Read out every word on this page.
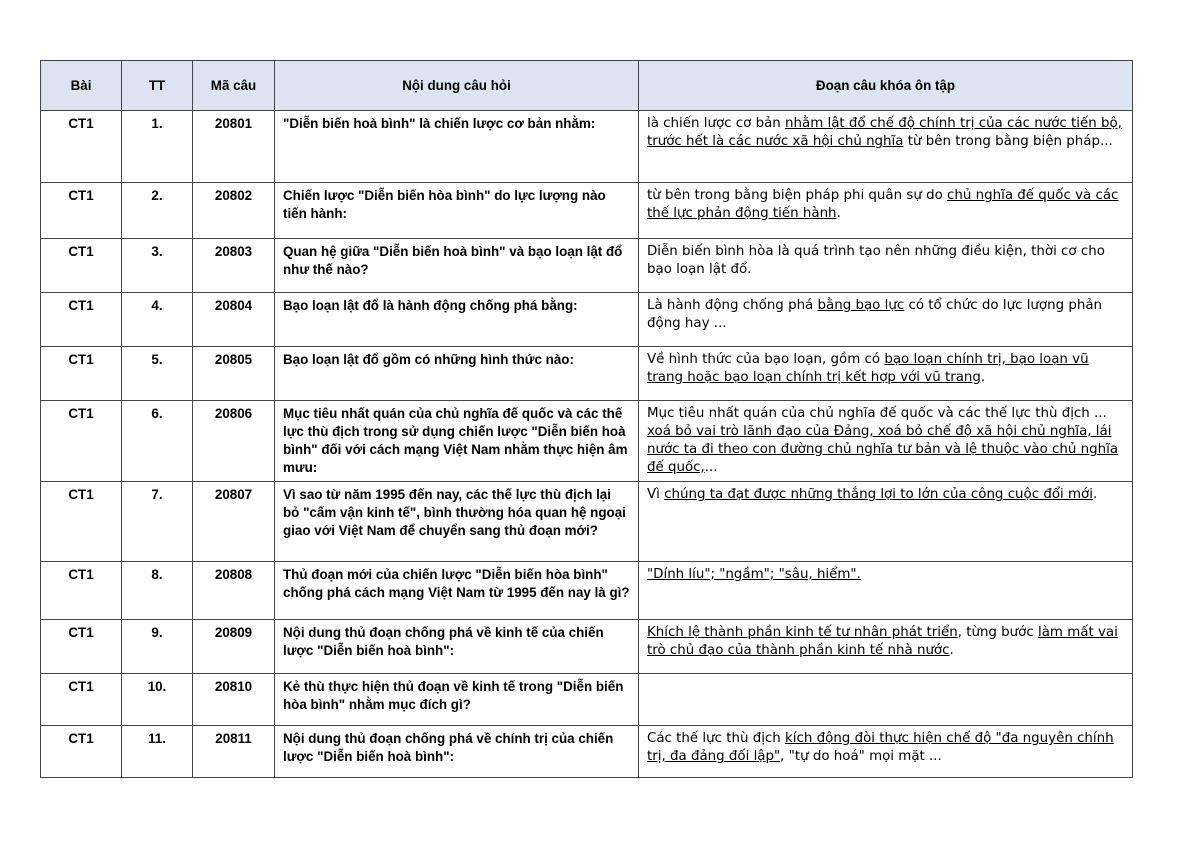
Bài	TT	Mã câu	Nội dung câu hỏi	Đoạn câu khóa ôn tập
CT1	1.	20801	"Diễn biến hoà bình" là chiến lược cơ bản nhằm:	là chiến lược cơ bản nhằm lật đổ chế độ chính trị của các nước tiến bộ, trước hết là các nước xã hội chủ nghĩa từ bên trong bằng biện pháp...
CT1	2.	20802	Chiến lược "Diễn biến hòa bình" do lực lượng nào tiến hành:	từ bên trong bằng biện pháp phi quân sự do chủ nghĩa đế quốc và các thế lực phản động tiến hành.
CT1	3.	20803	Quan hệ giữa "Diễn biến hoà bình" và bạo loạn lật đổ như thế nào?	Diễn biến bình hòa là quá trình tạo nên những điều kiện, thời cơ cho bạo loạn lật đổ.
CT1	4.	20804	Bạo loạn lật đổ là hành động chống phá bằng:	Là hành động chống phá bằng bạo lực có tổ chức do lực lượng phản động hay ...
CT1	5.	20805	Bạo loạn lật đổ gồm có những hình thức nào:	Về hình thức của bạo loạn, gồm có bạo loạn chính trị, bạo loạn vũ trang hoặc bạo loạn chính trị kết hợp với vũ trang.
CT1	6.	20806	Mục tiêu nhất quán của chủ nghĩa đế quốc và các thế lực thù địch trong sử dụng chiến lược "Diễn biến hoà bình" đối với cách mạng Việt Nam nhằm thực hiện âm mưu:	Mục tiêu nhất quán của chủ nghĩa đế quốc và các thế lực thù địch ... xoá bỏ vai trò lãnh đạo của Đảng, xoá bỏ chế độ xã hội chủ nghĩa, lái nước ta đi theo con đường chủ nghĩa tư bản và lệ thuộc vào chủ nghĩa đế quốc,...
CT1	7.	20807	Vì sao từ năm 1995 đến nay, các thế lực thù địch lại bỏ "cấm vận kinh tế", bình thường hóa quan hệ ngoại giao với Việt Nam để chuyển sang thủ đoạn mới?	Vì chúng ta đạt được những thắng lợi to lớn của công cuộc đổi mới.
CT1	8.	20808	Thủ đoạn mới của chiến lược "Diễn biến hòa bình" chống phá cách mạng Việt Nam từ 1995 đến nay là gì?	"Dính líu"; "ngầm"; "sâu, hiểm".
CT1	9.	20809	Nội dung thủ đoạn chống phá về kinh tế của chiến lược "Diễn biến hoà bình":	Khích lệ thành phần kinh tế tư nhân phát triển, từng bước làm mất vai trò chủ đạo của thành phần kinh tế nhà nước.
CT1	10.	20810	Kẻ thù thực hiện thủ đoạn về kinh tế trong "Diễn biến hòa bình" nhằm mục đích gì?	
CT1	11.	20811	Nội dung thủ đoạn chống phá về chính trị của chiến lược "Diễn biến hoà bình":	Các thế lực thù địch kích động đòi thực hiện chế độ "đa nguyên chính trị, đa đảng đối lập", "tự do hoá" mọi mặt ...
